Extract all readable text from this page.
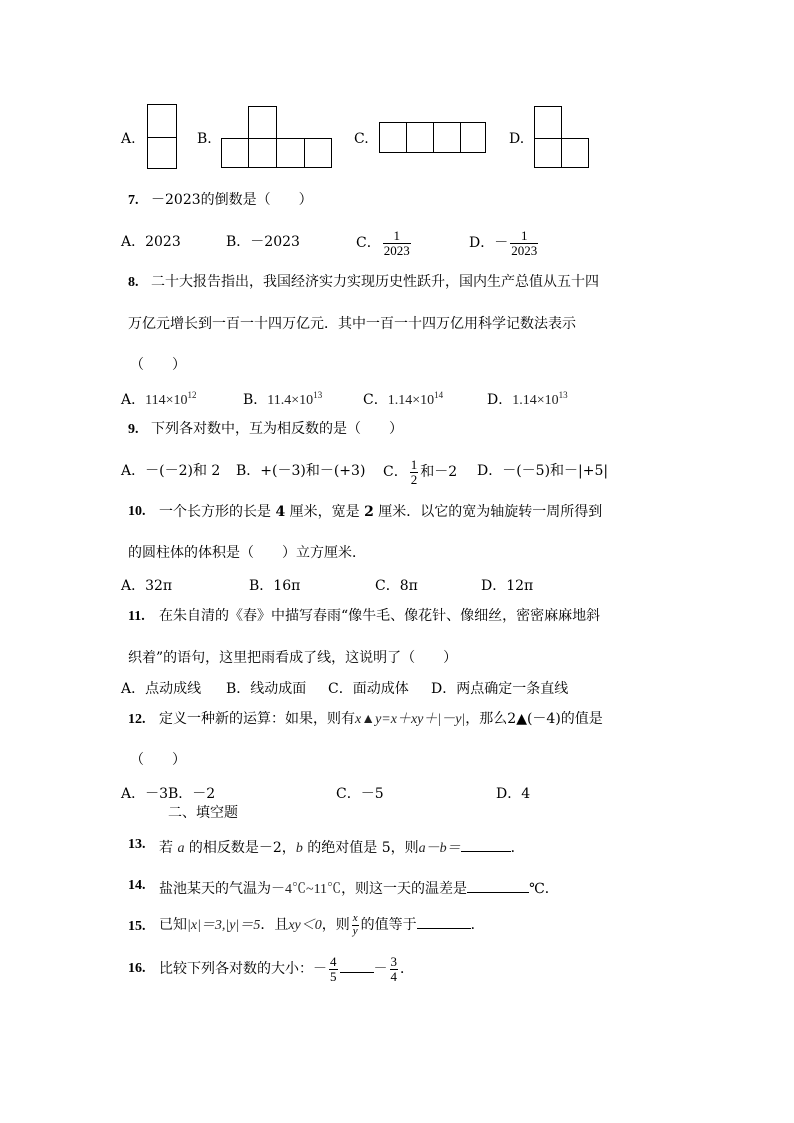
A.	B.	C.	D.
7. －2023的倒数是（　　）
A．2023	B．－2023	C． $\frac{1}{2023}$	D．－ $\frac{1}{2023}$
8. 二十大报告指出，我国经济实力实现历史性跃升，国内生产总值从五十四
万亿元增长到一百一十四万亿元．其中一百一十四万亿用科学记数法表示
（　　）
A．$114\times 10^{12}$	B．$11.4\times 10^{13}$	C．$1.14\times 10^{14}$	D．$1.14\times 10^{13}$
9. 下列各对数中，互为相反数的是（　　）
A．－(－2)和 2 B．+(－3)和－(+3) C． $\frac{1}{2}$ 和－2 D．－(－5)和－|+5|
10. 一个长方形的长是 4 厘米，宽是 2 厘米．以它的宽为轴旋转一周所得到
的圆柱体的体积是（　　）立方厘米．
A．32π	B．16π	C．8π	D．12π
11. 在朱自清的《春》中描写春雨“像牛毛、像花针、像细丝，密密麻麻地斜
织着”的语句，这里把雨看成了线，这说明了（　　）
A．点动成线 B．线动成面 C．面动成体 D．两点确定一条直线
12. 定义一种新的运算：如果，则有x▲y=x＋xy＋|－y|，那么2▲(－4)的值是
（　　）
A．－3B．－2	C．－5	D．4
二、填空题
13. 若 a 的相反数是－2，b 的绝对值是 5，则a－b＝	．
14. 盐池某天的气温为－4℃~11℃，则这一天的温差是	℃．
15. 已知|x|＝3,|y|＝5．且xy＜0，则 $\frac{x}{y}$ 的值等于	．
16. 比较下列各对数的大小：－ $\frac{4}{5}$	－ $\frac{3}{4}$ ．
